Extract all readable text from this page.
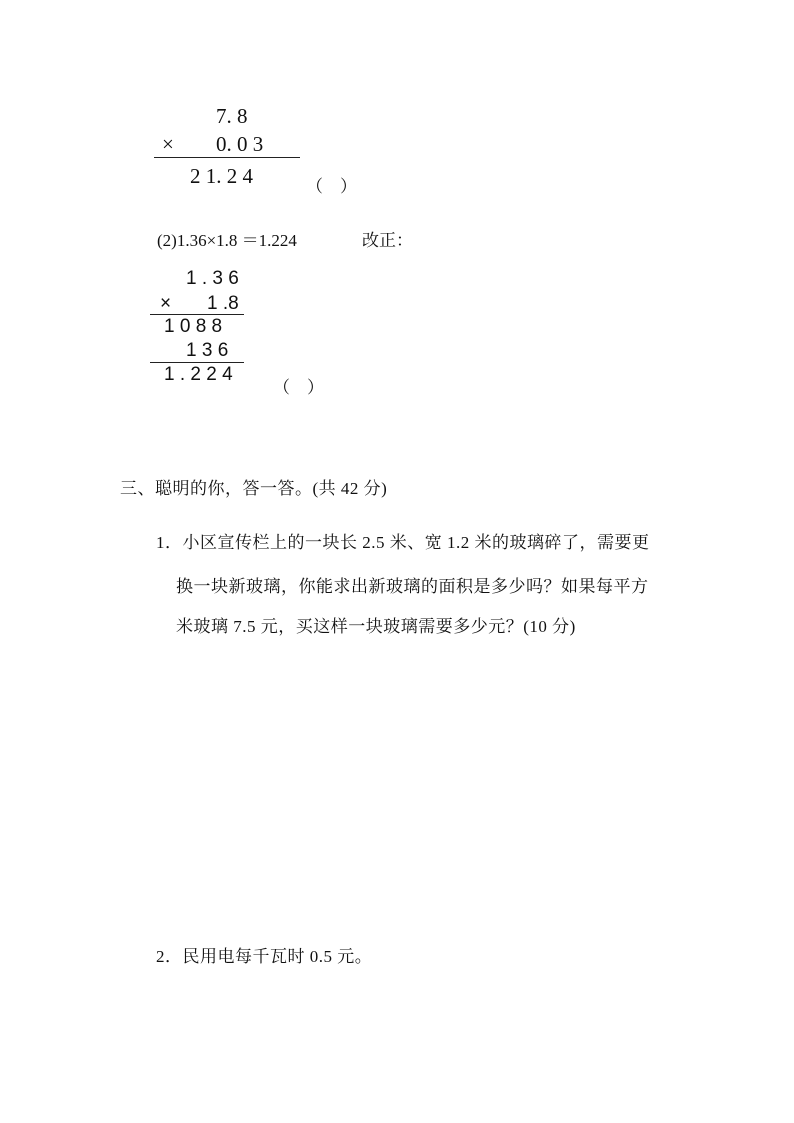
7. 8
× 0. 0 3
2 1. 2 4	（　）
(2)1.36×1.8 ＝1.224	改正：
1 . 3 6
× 1 .8
1 0 8 8
1 3 6
1 . 2 2 4
（　）
三、聪明的你，答一答。(共 42 分)
1．小区宣传栏上的一块长 2.5 米、宽 1.2 米的玻璃碎了，需要更
换一块新玻璃，你能求出新玻璃的面积是多少吗？如果每平方
米玻璃 7.5 元，买这样一块玻璃需要多少元？(10 分)
2．民用电每千瓦时 0.5 元。
